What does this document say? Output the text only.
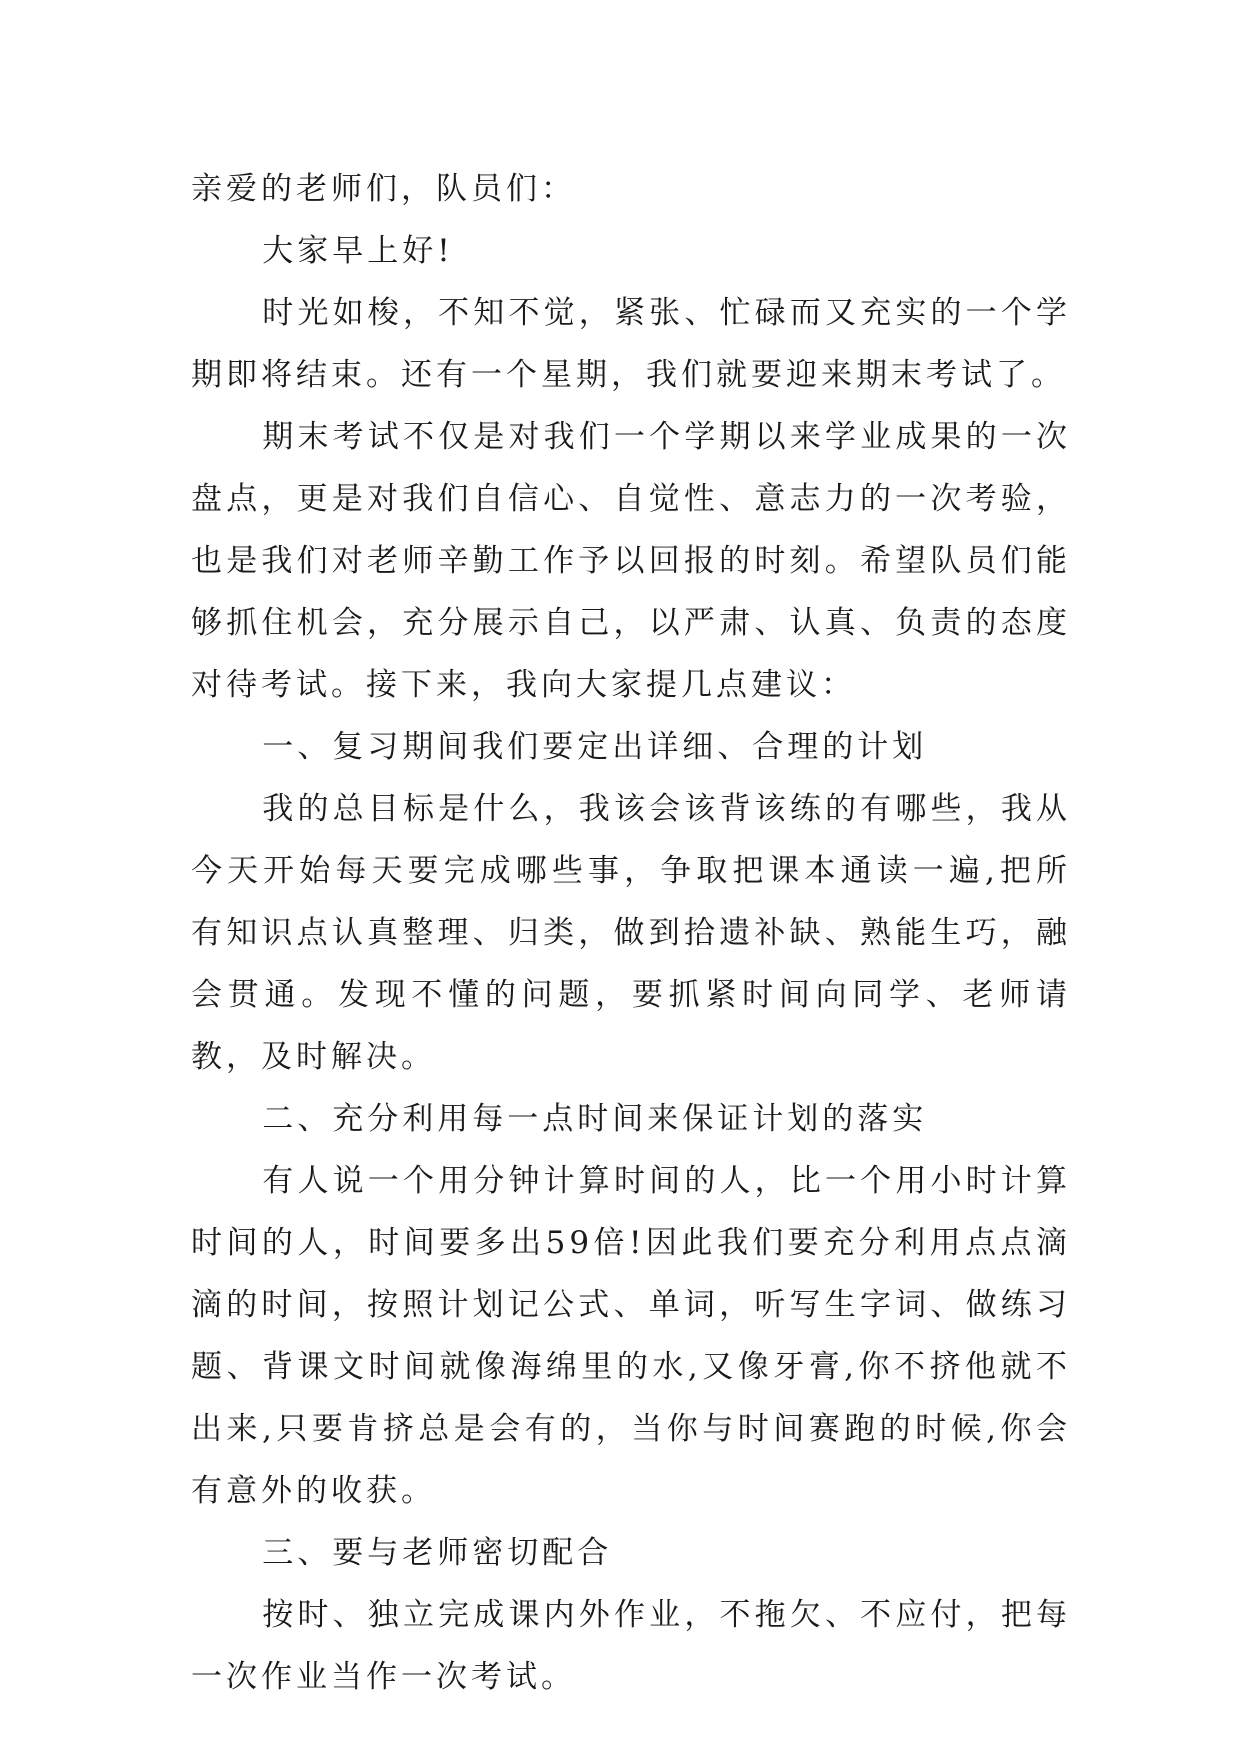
亲爱的老师们，队员们：

大家早上好!

时光如梭，不知不觉，紧张、忙碌而又充实的一个学期即将结束。还有一个星期，我们就要迎来期末考试了。

期末考试不仅是对我们一个学期以来学业成果的一次盘点，更是对我们自信心、自觉性、意志力的一次考验，也是我们对老师辛勤工作予以回报的时刻。希望队员们能够抓住机会，充分展示自己，以严肃、认真、负责的态度对待考试。接下来，我向大家提几点建议：

一、复习期间我们要定出详细、合理的计划

我的总目标是什么，我该会该背该练的有哪些，我从今天开始每天要完成哪些事，争取把课本通读一遍,把所有知识点认真整理、归类，做到拾遗补缺、熟能生巧，融会贯通。发现不懂的问题，要抓紧时间向同学、老师请教，及时解决。

二、充分利用每一点时间来保证计划的落实

有人说一个用分钟计算时间的人，比一个用小时计算时间的人，时间要多出59倍!因此我们要充分利用点点滴滴的时间，按照计划记公式、单词，听写生字词、做练习题、背课文时间就像海绵里的水,又像牙膏,你不挤他就不出来,只要肯挤总是会有的，当你与时间赛跑的时候,你会有意外的收获。

三、要与老师密切配合

按时、独立完成课内外作业，不拖欠、不应付，把每一次作业当作一次考试。
